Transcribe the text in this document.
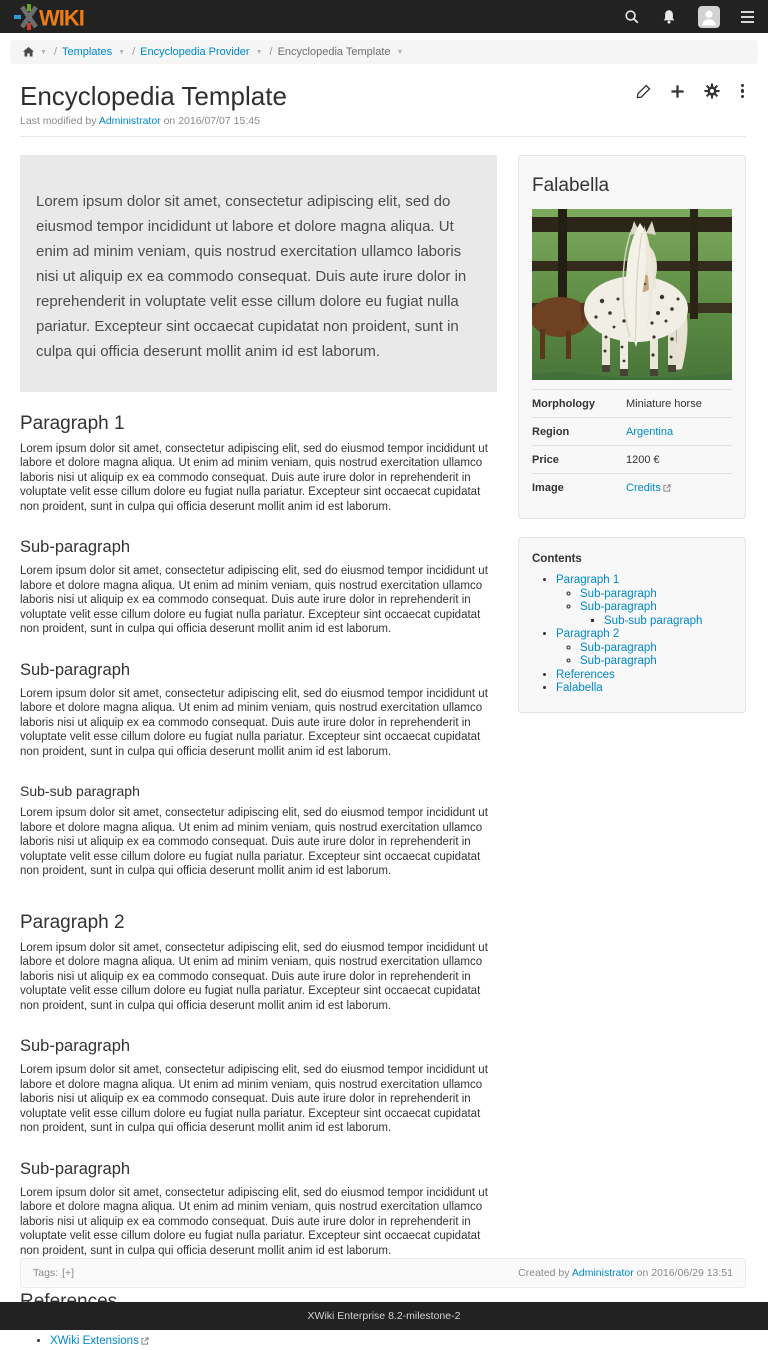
WIKI
▼ / Templates ▼ / Encyclopedia Provider ▼ / Encyclopedia Template ▼
Encyclopedia Template
Last modified by Administrator on 2016/07/07 15:45

Lorem ipsum dolor sit amet, consectetur adipiscing elit, sed do eiusmod tempor incididunt ut labore et dolore magna aliqua. Ut enim ad minim veniam, quis nostrud exercitation ullamco laboris nisi ut aliquip ex ea commodo consequat. Duis aute irure dolor in reprehenderit in voluptate velit esse cillum dolore eu fugiat nulla pariatur. Excepteur sint occaecat cupidatat non proident, sunt in culpa qui officia deserunt mollit anim id est laborum.

Paragraph 1

Lorem ipsum dolor sit amet, consectetur adipiscing elit, sed do eiusmod tempor incididunt ut labore et dolore magna aliqua. Ut enim ad minim veniam, quis nostrud exercitation ullamco laboris nisi ut aliquip ex ea commodo consequat. Duis aute irure dolor in reprehenderit in voluptate velit esse cillum dolore eu fugiat nulla pariatur. Excepteur sint occaecat cupidatat non proident, sunt in culpa qui officia deserunt mollit anim id est laborum.

Sub-paragraph

Lorem ipsum dolor sit amet, consectetur adipiscing elit, sed do eiusmod tempor incididunt ut labore et dolore magna aliqua. Ut enim ad minim veniam, quis nostrud exercitation ullamco laboris nisi ut aliquip ex ea commodo consequat. Duis aute irure dolor in reprehenderit in voluptate velit esse cillum dolore eu fugiat nulla pariatur. Excepteur sint occaecat cupidatat non proident, sunt in culpa qui officia deserunt mollit anim id est laborum.

Sub-paragraph

Lorem ipsum dolor sit amet, consectetur adipiscing elit, sed do eiusmod tempor incididunt ut labore et dolore magna aliqua. Ut enim ad minim veniam, quis nostrud exercitation ullamco laboris nisi ut aliquip ex ea commodo consequat. Duis aute irure dolor in reprehenderit in voluptate velit esse cillum dolore eu fugiat nulla pariatur. Excepteur sint occaecat cupidatat non proident, sunt in culpa qui officia deserunt mollit anim id est laborum.

Sub-sub paragraph

Lorem ipsum dolor sit amet, consectetur adipiscing elit, sed do eiusmod tempor incididunt ut labore et dolore magna aliqua. Ut enim ad minim veniam, quis nostrud exercitation ullamco laboris nisi ut aliquip ex ea commodo consequat. Duis aute irure dolor in reprehenderit in voluptate velit esse cillum dolore eu fugiat nulla pariatur. Excepteur sint occaecat cupidatat non proident, sunt in culpa qui officia deserunt mollit anim id est laborum.

Paragraph 2

Lorem ipsum dolor sit amet, consectetur adipiscing elit, sed do eiusmod tempor incididunt ut labore et dolore magna aliqua. Ut enim ad minim veniam, quis nostrud exercitation ullamco laboris nisi ut aliquip ex ea commodo consequat. Duis aute irure dolor in reprehenderit in voluptate velit esse cillum dolore eu fugiat nulla pariatur. Excepteur sint occaecat cupidatat non proident, sunt in culpa qui officia deserunt mollit anim id est laborum.

Sub-paragraph

Lorem ipsum dolor sit amet, consectetur adipiscing elit, sed do eiusmod tempor incididunt ut labore et dolore magna aliqua. Ut enim ad minim veniam, quis nostrud exercitation ullamco laboris nisi ut aliquip ex ea commodo consequat. Duis aute irure dolor in reprehenderit in voluptate velit esse cillum dolore eu fugiat nulla pariatur. Excepteur sint occaecat cupidatat non proident, sunt in culpa qui officia deserunt mollit anim id est laborum.

Sub-paragraph

Lorem ipsum dolor sit amet, consectetur adipiscing elit, sed do eiusmod tempor incididunt ut labore et dolore magna aliqua. Ut enim ad minim veniam, quis nostrud exercitation ullamco laboris nisi ut aliquip ex ea commodo consequat. Duis aute irure dolor in reprehenderit in voluptate velit esse cillum dolore eu fugiat nulla pariatur. Excepteur sint occaecat cupidatat non proident, sunt in culpa qui officia deserunt mollit anim id est laborum.

•
• XWiki Extensions
Falabella
Morphology	Miniature horse
Region	Argentina
Price	1200 €
Image	Credits
Contents
• Paragraph 1
◦ Sub-paragraph
◦ Sub-paragraph
▪ Sub-sub paragraph
• Paragraph 2
◦ Sub-paragraph
◦ Sub-paragraph
• References
• Falabella
Tags: [+]	Created by Administrator on 2016/06/29 13:51
XWiki Enterprise 8.2-milestone-2
